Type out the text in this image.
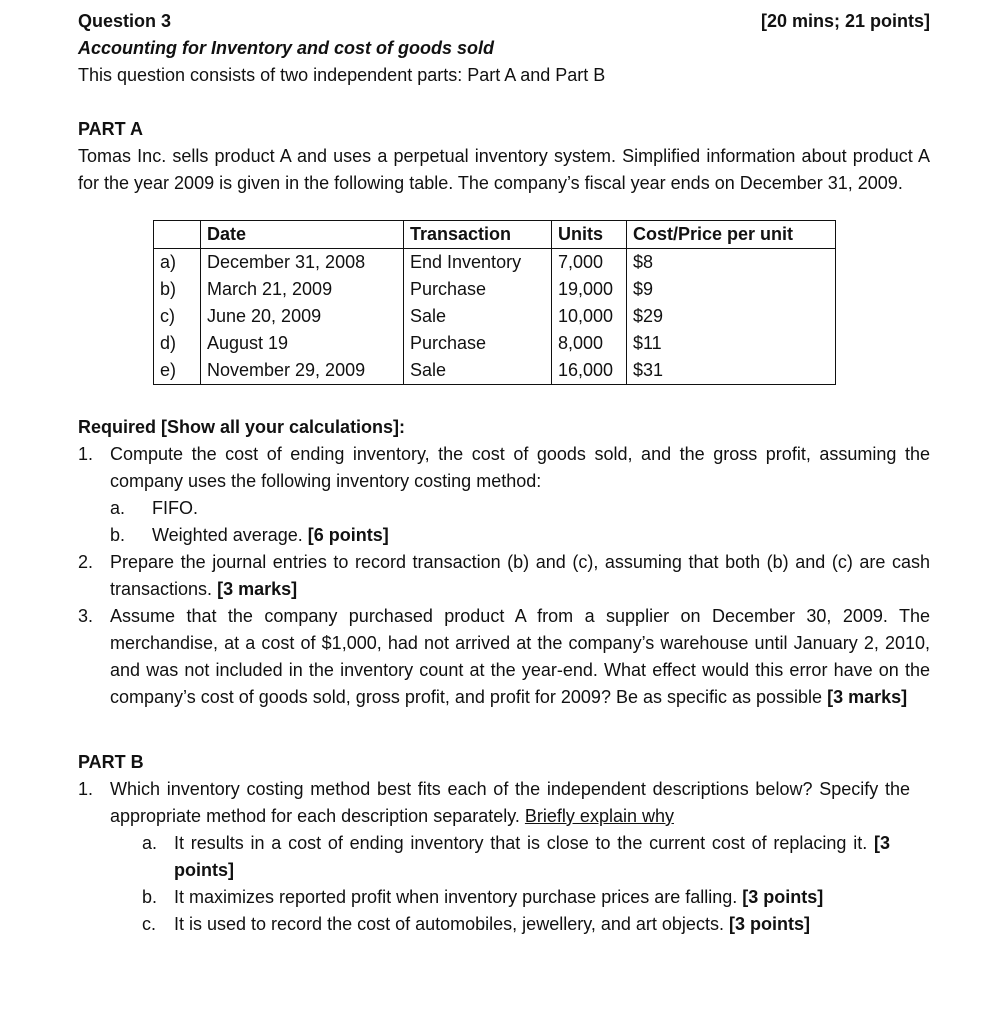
Question 3	[20 mins; 21 points]
Accounting for Inventory and cost of goods sold
This question consists of two independent parts: Part A and Part B
PART A
Tomas Inc. sells product A and uses a perpetual inventory system. Simplified information about product A for the year 2009 is given in the following table. The company’s fiscal year ends on December 31, 2009.
	Date	Transaction	Units	Cost/Price per unit
a)	December 31, 2008	End Inventory	7,000	$8
b)	March 21, 2009	Purchase	19,000	$9
c)	June 20, 2009	Sale	10,000	$29
d)	August 19	Purchase	8,000	$11
e)	November 29, 2009	Sale	16,000	$31
Required [Show all your calculations]:
1. Compute the cost of ending inventory, the cost of goods sold, and the gross profit, assuming the company uses the following inventory costing method:
a.	FIFO.
b.	Weighted average. [6 points]
2. Prepare the journal entries to record transaction (b) and (c), assuming that both (b) and (c) are cash transactions. [3 marks]
3. Assume that the company purchased product A from a supplier on December 30, 2009. The merchandise, at a cost of $1,000, had not arrived at the company’s warehouse until January 2, 2010, and was not included in the inventory count at the year-end. What effect would this error have on the company’s cost of goods sold, gross profit, and profit for 2009? Be as specific as possible [3 marks]
PART B
1. Which inventory costing method best fits each of the independent descriptions below? Specify the appropriate method for each description separately. Briefly explain why
a. It results in a cost of ending inventory that is close to the current cost of replacing it. [3 points]
b. It maximizes reported profit when inventory purchase prices are falling. [3 points]
c. It is used to record the cost of automobiles, jewellery, and art objects. [3 points]
